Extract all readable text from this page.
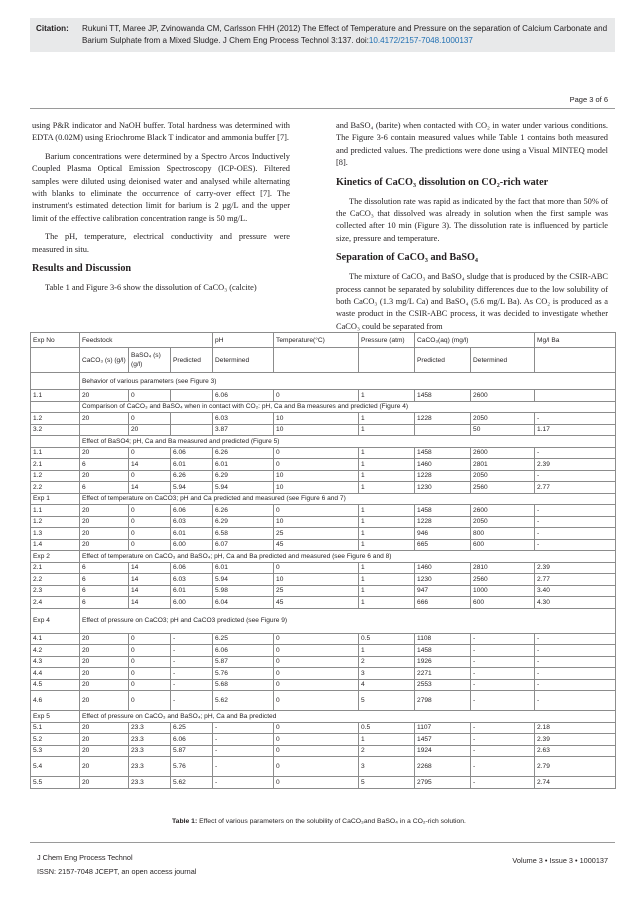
Citation: Rukuni TT, Maree JP, Zvinowanda CM, Carlsson FHH (2012) The Effect of Temperature and Pressure on the separation of Calcium Carbonate and Barium Sulphate from a Mixed Sludge. J Chem Eng Process Technol 3:137. doi:10.4172/2157-7048.1000137
Page 3 of 6

using P&R indicator and NaOH buffer. Total hardness was determined with EDTA (0.02M) using Eriochrome Black T indicator and ammonia buffer [7].

Barium concentrations were determined by a Spectro Arcos Inductively Coupled Plasma Optical Emission Spectroscopy (ICP-OES). Filtered samples were diluted using deionised water and analysed while alternating with blanks to eliminate the occurrence of carry-over effect [7]. The instrument's estimated detection limit for barium is 2 µg/L and the upper limit of the effective calibration concentration range is 50 mg/L.

The pH, temperature, electrical conductivity and pressure were measured in situ.

Results and Discussion

Table 1 and Figure 3-6 show the dissolution of CaCO₃ (calcite)

and BaSO₄ (barite) when contacted with CO₂ in water under various conditions. The Figure 3-6 contain measured values while Table 1 contains both measured and predicted values. The predictions were done using a Visual MINTEQ model [8].

Kinetics of CaCO₃ dissolution on CO₂-rich water

The dissolution rate was rapid as indicated by the fact that more than 50% of the CaCO₃ that dissolved was already in solution when the first sample was collected after 10 min (Figure 3). The dissolution rate is influenced by particle size, pressure and temperature.

Separation of CaCO₃ and BaSO₄

The mixture of CaCO₃ and BaSO₄ sludge that is produced by the CSIR-ABC process cannot be separated by solubility differences due to the low solubility of both CaCO₃ (1.3 mg/L Ca) and BaSO₄ (5.6 mg/L Ba). As CO₂ is produced as a waste product in the CSIR-ABC process, it was decided to investigate whether CaCO₃ could be separated from

Exp No	Feedstock			pH	Temperature(°C)	Pressure (atm)	CaCO₃(aq) (mg/l)		Mg/l Ba
	CaCO₃ (s) (g/l)	BaSO₄ (s) (g/l)	Predicted	Determined			Predicted	Determined	
	Behavior of various parameters (see Figure 3)								
1.1	20	0		6.06	0	1	1458	2600	
	Comparison of CaCO₃ and BaSO₄ when in contact with CO₂: pH, Ca and Ba measures and predicted (Figure 4)								
1.2	20	0		6.03	10	1	1228	2050	-
3.2		20		3.87	10	1		50	1.17
	Effect of BaSO4; pH, Ca and Ba measured and predicted (Figure 5)								
1.1	20	0	6.06	6.26	0	1	1458	2600	-
2.1	6	14	6.01	6.01	0	1	1460	2801	2.39
1.2	20	0	6.26	6.29	10	1	1228	2050	-
2.2	6	14	5.94	5.94	10	1	1230	2560	2.77
Exp 1	Effect of temperature on CaCO3; pH and Ca predicted and measured (see Figure 6 and 7)								
1.1	20	0	6.06	6.26	0	1	1458	2600	-
1.2	20	0	6.03	6.29	10	1	1228	2050	-
1.3	20	0	6.01	6.58	25	1	946	800	-
1.4	20	0	6.00	6.07	45	1	665	600	-
Exp 2	Effect of temperature on CaCO₃ and BaSO₄; pH, Ca and Ba predicted and measured (see Figure 6 and 8)								
2.1	6	14	6.06	6.01	0	1	1460	2810	2.39
2.2	6	14	6.03	5.94	10	1	1230	2560	2.77
2.3	6	14	6.01	5.98	25	1	947	1000	3.40
2.4	6	14	6.00	6.04	45	1	666	600	4.30
Exp 4	Effect of pressure on CaCO3; pH and CaCO3 predicted (see Figure 9)								
4.1	20	0	-	6.25	0	0.5	1108	-	-
4.2	20	0	-	6.06	0	1	1458	-	-
4.3	20	0	-	5.87	0	2	1926	-	-
4.4	20	0	-	5.76	0	3	2271	-	-
4.5	20	0	-	5.68	0	4	2553	-	-
4.6	20	0	-	5.62	0	5	2798	-	-
Exp 5	Effect of pressure on CaCO₃ and BaSO₄; pH, Ca and Ba predicted								
5.1	20	23.3	6.25	-	0	0.5	1107	-	2.18
5.2	20	23.3	6.06	-	0	1	1457	-	2.39
5.3	20	23.3	5.87	-	0	2	1924	-	2.63
5.4	20	23.3	5.76	-	0	3	2268	-	2.79
5.5	20	23.3	5.62	-	0	5	2795	-	2.74
Table 1: Effect of various parameters on the solubility of CaCO₃and BaSO₄ in a CO₂-rich solution.
J Chem Eng Process Technol
ISSN: 2157-7048 JCEPT, an open access journal
Volume 3 • Issue 3 • 1000137
